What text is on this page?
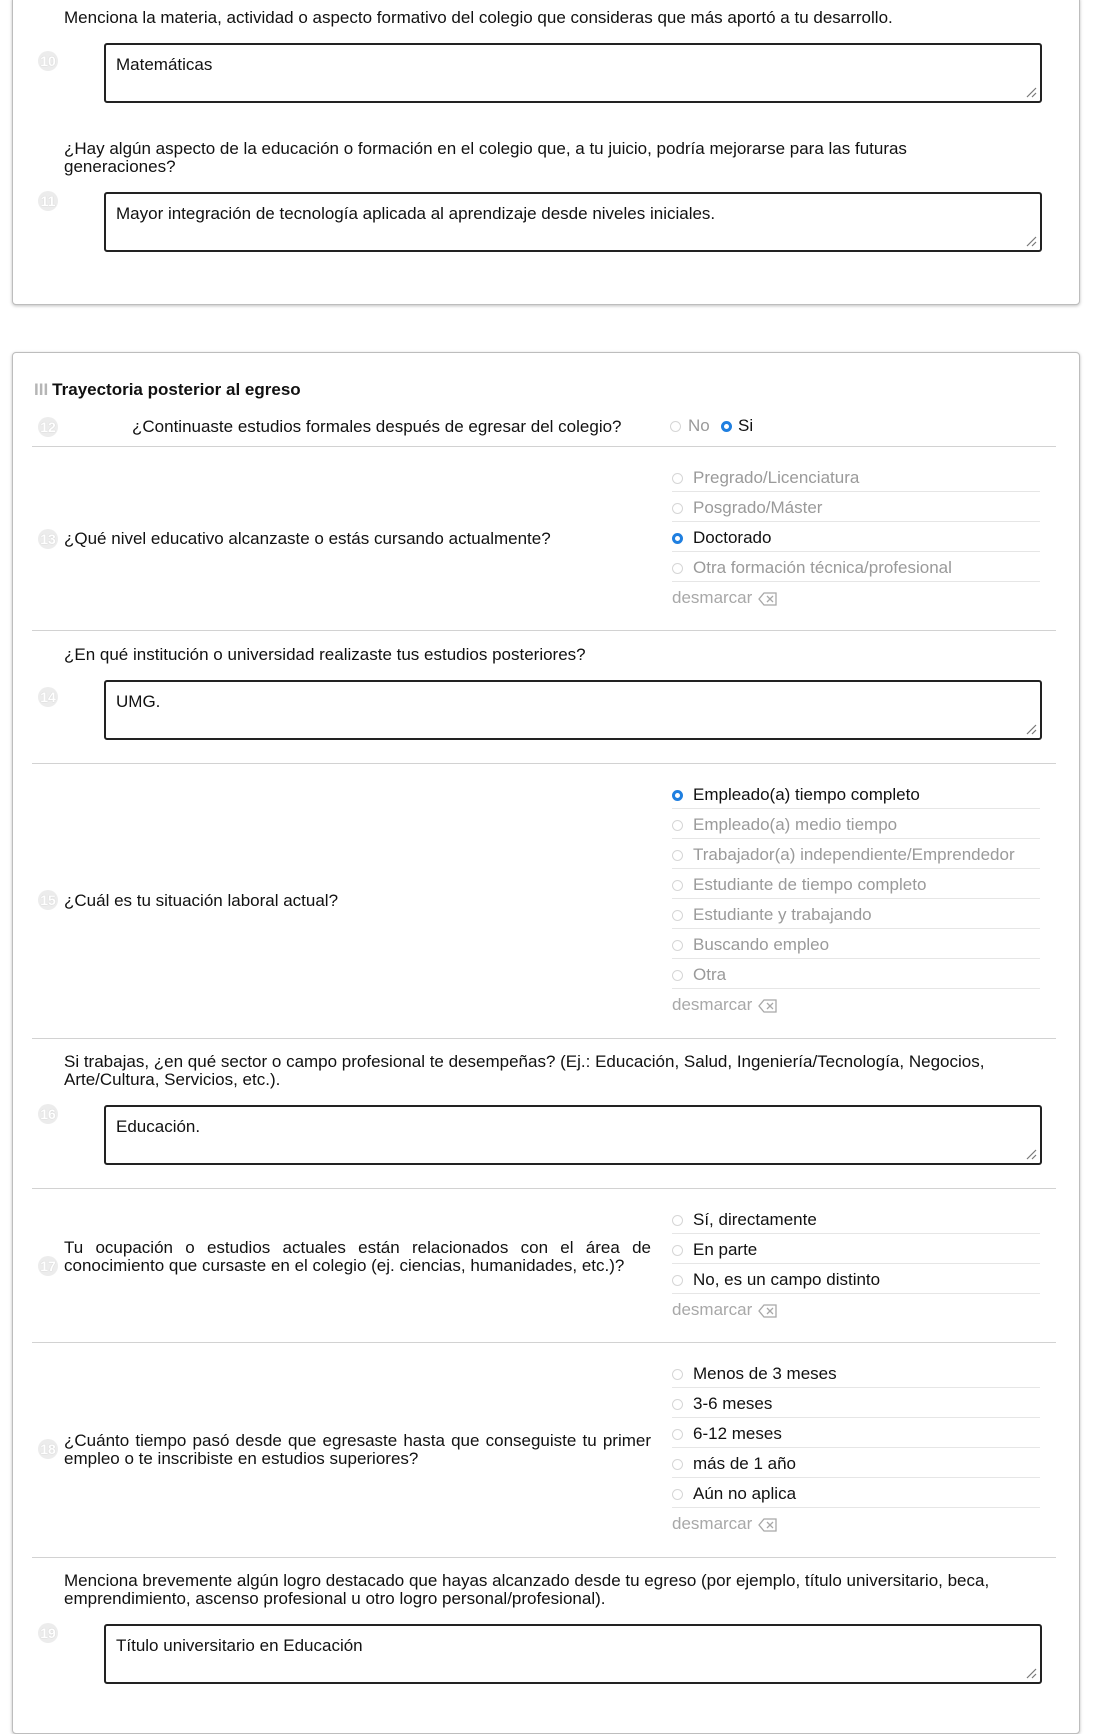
Menciona la materia, actividad o aspecto formativo del colegio que consideras que más aportó a tu desarrollo.
10	Matemáticas
¿Hay algún aspecto de la educación o formación en el colegio que, a tu juicio, podría mejorarse para las futuras generaciones?
11
Mayor integración de tecnología aplicada al aprendizaje desde niveles iniciales.
III Trayectoria posterior al egreso
12	¿Continuaste estudios formales después de egresar del colegio?	No Si
13 ¿Qué nivel educativo alcanzaste o estás cursando actualmente?
Pregrado/Licenciatura
Posgrado/Máster
Doctorado
Otra formación técnica/profesional
desmarcar
¿En qué institución o universidad realizaste tus estudios posteriores?
14	UMG.
15 ¿Cuál es tu situación laboral actual?
Empleado(a) tiempo completo
Empleado(a) medio tiempo
Trabajador(a) independiente/Emprendedor
Estudiante de tiempo completo
Estudiante y trabajando
Buscando empleo
Otra
desmarcar
Si trabajas, ¿en qué sector o campo profesional te desempeñas? (Ej.: Educación, Salud, Ingeniería/Tecnología, Negocios, Arte/Cultura, Servicios, etc.).
16
Educación.
17
Tu ocupación o estudios actuales están relacionados con el área de conocimiento que cursaste en el colegio (ej. ciencias, humanidades, etc.)?
Sí, directamente
En parte
No, es un campo distinto
desmarcar
18 ¿Cuánto tiempo pasó desde que egresaste hasta que conseguiste tu primer empleo o te inscribiste en estudios superiores?
Menos de 3 meses
3-6 meses
6-12 meses
más de 1 año
Aún no aplica
desmarcar
Menciona brevemente algún logro destacado que hayas alcanzado desde tu egreso (por ejemplo, título universitario, beca, emprendimiento, ascenso profesional u otro logro personal/profesional).
19
Título universitario en Educación
